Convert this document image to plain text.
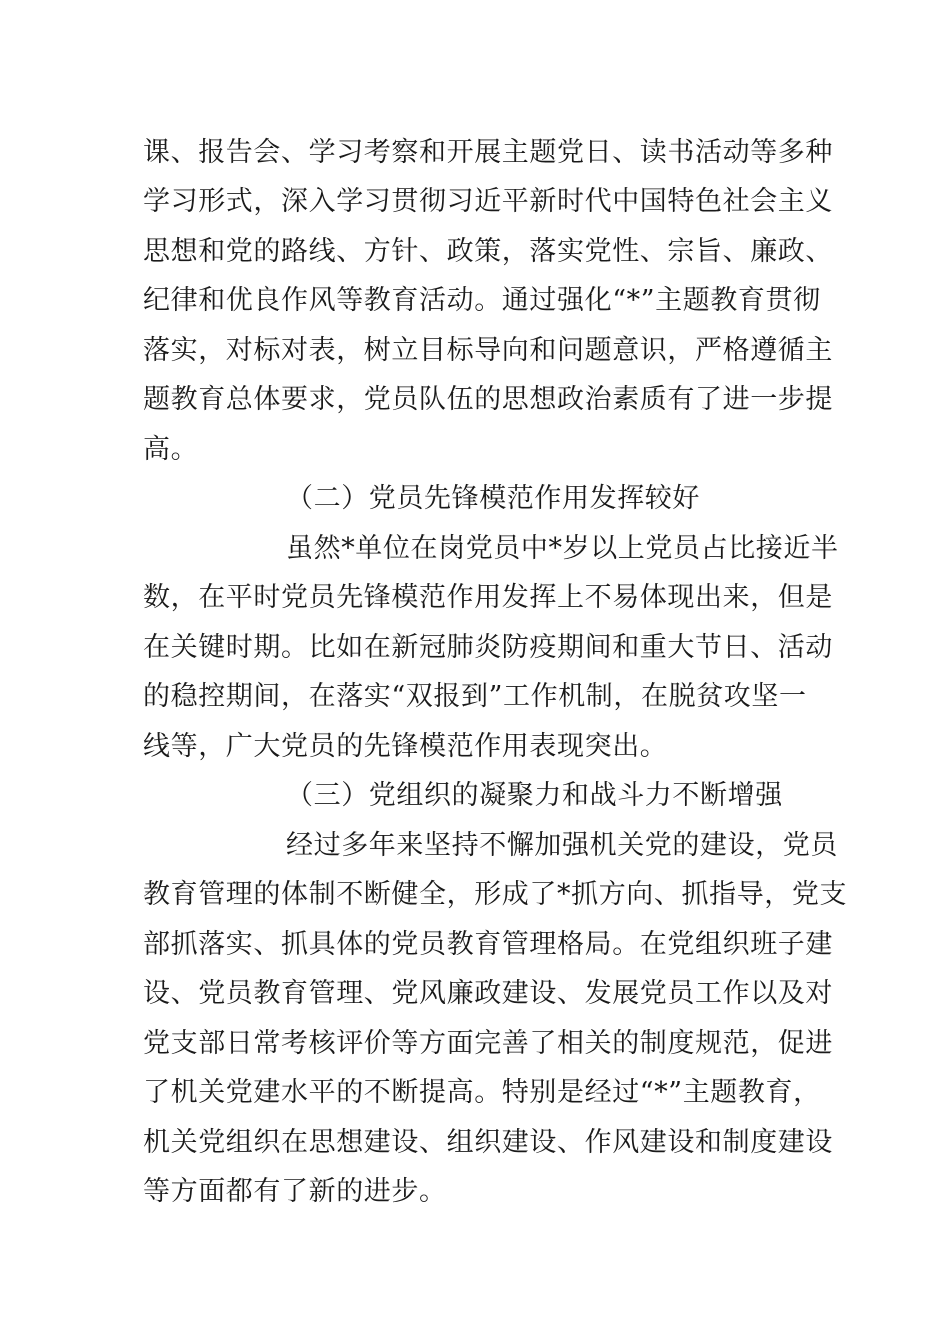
课、报告会、学习考察和开展主题党日、读书活动等多种
学习形式，深入学习贯彻习近平新时代中国特色社会主义
思想和党的路线、方针、政策，落实党性、宗旨、廉政、
纪律和优良作风等教育活动。通过强化“*”主题教育贯彻
落实，对标对表，树立目标导向和问题意识，严格遵循主
题教育总体要求，党员队伍的思想政治素质有了进一步提
高。
（二）党员先锋模范作用发挥较好
虽然*单位在岗党员中*岁以上党员占比接近半
数，在平时党员先锋模范作用发挥上不易体现出来，但是
在关键时期。比如在新冠肺炎防疫期间和重大节日、活动
的稳控期间，在落实“双报到”工作机制，在脱贫攻坚一
线等，广大党员的先锋模范作用表现突出。
（三）党组织的凝聚力和战斗力不断增强
经过多年来坚持不懈加强机关党的建设，党员
教育管理的体制不断健全，形成了*抓方向、抓指导，党支
部抓落实、抓具体的党员教育管理格局。在党组织班子建
设、党员教育管理、党风廉政建设、发展党员工作以及对
党支部日常考核评价等方面完善了相关的制度规范，促进
了机关党建水平的不断提高。特别是经过“*”主题教育，
机关党组织在思想建设、组织建设、作风建设和制度建设
等方面都有了新的进步。
